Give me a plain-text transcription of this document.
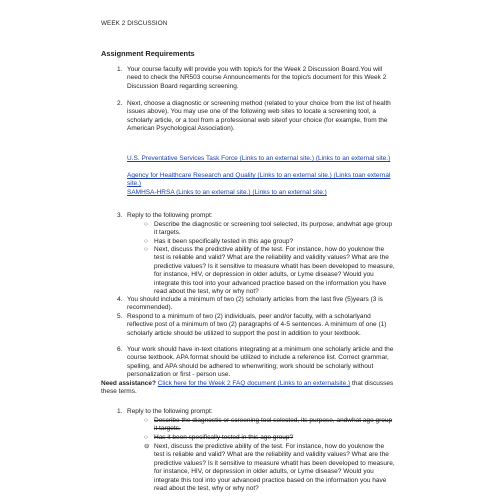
WEEK 2 DISCUSSION
Assignment Requirements
1. Your course faculty will provide you with topic/s for the Week 2 Discussion Board.You will need to check the NR503 course Announcements for the topic/s document for this Week 2 Discussion Board regarding screening.
2. Next, choose a diagnostic or screening method (related to your choice from the list of health issues above). You may use one of the following web sites to locate a screening tool, a scholarly article, or a tool from a professional web siteof your choice (for example, from the American Psychological Association).
U.S. Preventative Services Task Force (Links to an external site.) (Links to an external site.)
Agency for Healthcare Research and Quality (Links to an external site.) (Links toan external site.)
SAMHSA-HRSA (Links to an external site.) (Links to an external site.)
3. Reply to the following prompt:
○ Describe the diagnostic or screening tool selected, its purpose, andwhat age group it targets.
○ Has it been specifically tested in this age group?
○ Next, discuss the predictive ability of the test. For instance, how do youknow the test is reliable and valid? What are the reliability and validity values? What are the predictive values? Is it sensitive to measure whatit has been developed to measure, for instance, HIV, or depression in older adults, or Lyme disease? Would you integrate this tool into your advanced practice based on the information you have read about the test, why or why not?
4. You should include a minimum of two (2) scholarly articles from the last five (5)years (3 is recommended).
5. Respond to a minimum of two (2) individuals, peer and/or faculty, with a scholarlyand reflective post of a minimum of two (2) paragraphs of 4-5 sentences. A minimum of one (1) scholarly article should be utilized to support the post in addition to your textbook.
6. Your work should have in-text citations integrating at a minimum one scholarly article and the course textbook. APA format should be utilized to include a reference list. Correct grammar, spelling, and APA should be adhered to whenwriting; work should be scholarly without personalization or first - person use.
Need assistance? Click here for the Week 2 FAQ document (Links to an externalsite.) that discusses these terms.
1. Reply to the following prompt:
○ Describe the diagnostic or screening tool selected, its purpose, andwhat age group it targets.
○ Has it been specifically tested in this age group?
⊖ Next, discuss the predictive ability of the test. For instance, how do youknow the test is reliable and valid? What are the reliability and validity values? What are the predictive values? Is it sensitive to measure whatit has been developed to measure, for instance, HIV, or depression in older adults, or Lyme disease? Would you integrate this tool into your advanced practice based on the information you have read about the test, why or why not?
